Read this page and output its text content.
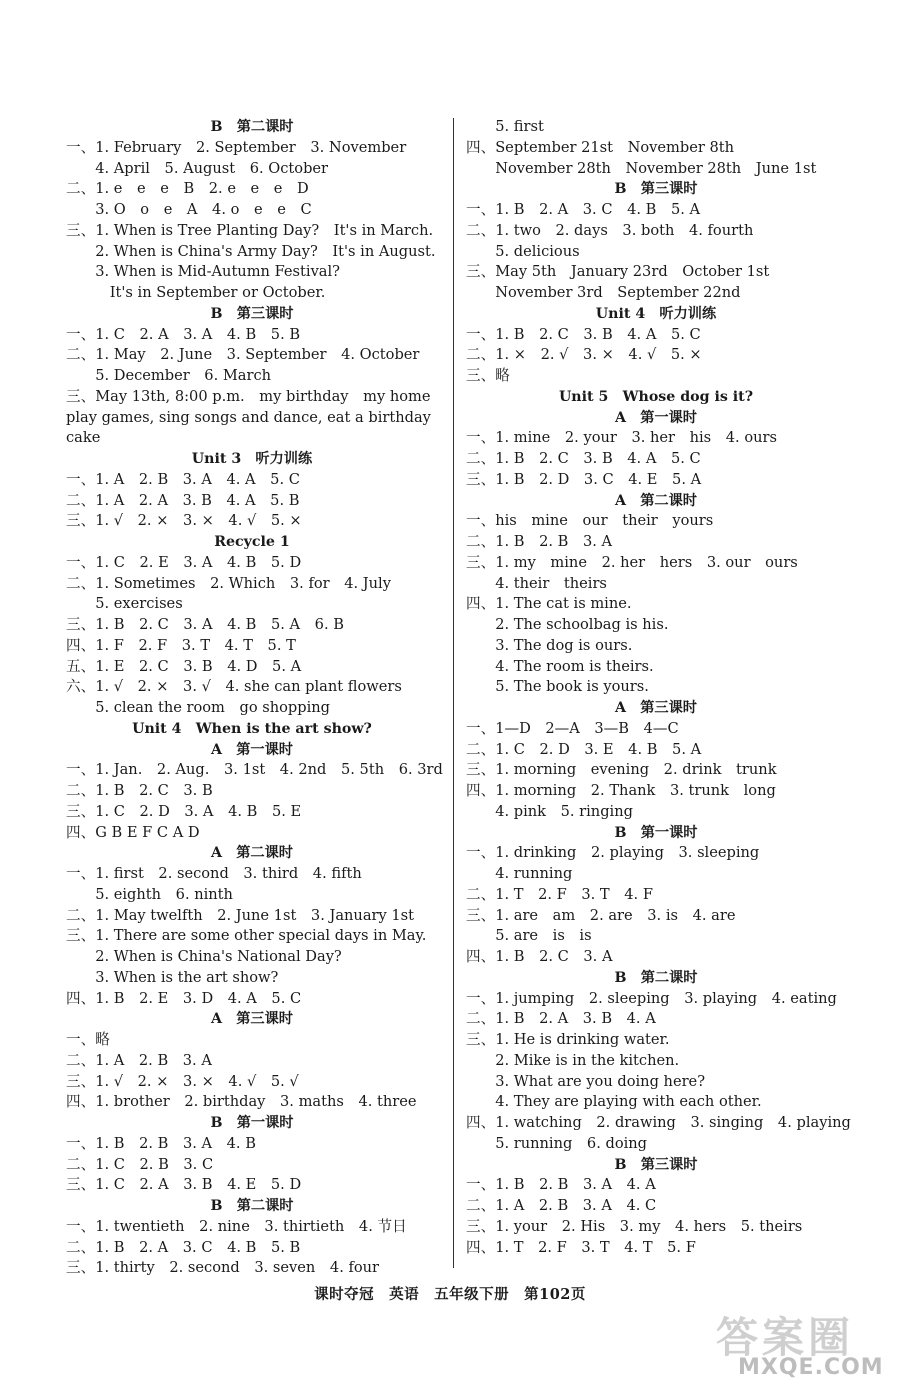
B　第二课时
一、1. February　2. September　3. November
　　4. April　5. August　6. October
二、1. e　e　e　B　2. e　e　e　D
　　3. O　o　e　A　4. o　e　e　C
三、1. When is Tree Planting Day?　It's in March.
　　2. When is China's Army Day?　It's in August.
　　3. When is Mid-Autumn Festival?
　　　It's in September or October.
B　第三课时
一、1. C　2. A　3. A　4. B　5. B
二、1. May　2. June　3. September　4. October
　　5. December　6. March
三、May 13th, 8:00 p.m.　my birthday　my home
play games, sing songs and dance, eat a birthday
cake
Unit 3　听力训练
一、1. A　2. B　3. A　4. A　5. C
二、1. A　2. A　3. B　4. A　5. B
三、1. √　2. ×　3. ×　4. √　5. ×
Recycle 1
一、1. C　2. E　3. A　4. B　5. D
二、1. Sometimes　2. Which　3. for　4. July
　　5. exercises
三、1. B　2. C　3. A　4. B　5. A　6. B
四、1. F　2. F　3. T　4. T　5. T
五、1. E　2. C　3. B　4. D　5. A
六、1. √　2. ×　3. √　4. she can plant flowers
　　5. clean the room　go shopping
Unit 4　When is the art show?
A　第一课时
一、1. Jan.　2. Aug.　3. 1st　4. 2nd　5. 5th　6. 3rd
二、1. B　2. C　3. B
三、1. C　2. D　3. A　4. B　5. E
四、G B E F C A D
A　第二课时
一、1. first　2. second　3. third　4. fifth
　　5. eighth　6. ninth
二、1. May twelfth　2. June 1st　3. January 1st
三、1. There are some other special days in May.
　　2. When is China's National Day?
　　3. When is the art show?
四、1. B　2. E　3. D　4. A　5. C
A　第三课时
一、略
二、1. A　2. B　3. A
三、1. √　2. ×　3. ×　4. √　5. √
四、1. brother　2. birthday　3. maths　4. three
B　第一课时
一、1. B　2. B　3. A　4. B
二、1. C　2. B　3. C
三、1. C　2. A　3. B　4. E　5. D
B　第二课时
一、1. twentieth　2. nine　3. thirtieth　4. 节日
二、1. B　2. A　3. C　4. B　5. B
三、1. thirty　2. second　3. seven　4. four
　　5. first
四、September 21st　November 8th
　　November 28th　November 28th　June 1st
B　第三课时
一、1. B　2. A　3. C　4. B　5. A
二、1. two　2. days　3. both　4. fourth
　　5. delicious
三、May 5th　January 23rd　October 1st
　　November 3rd　September 22nd
Unit 4　听力训练
一、1. B　2. C　3. B　4. A　5. C
二、1. ×　2. √　3. ×　4. √　5. ×
三、略
Unit 5　Whose dog is it?
A　第一课时
一、1. mine　2. your　3. her　his　4. ours
二、1. B　2. C　3. B　4. A　5. C
三、1. B　2. D　3. C　4. E　5. A
A　第二课时
一、his　mine　our　their　yours
二、1. B　2. B　3. A
三、1. my　mine　2. her　hers　3. our　ours
　　4. their　theirs
四、1. The cat is mine.
　　2. The schoolbag is his.
　　3. The dog is ours.
　　4. The room is theirs.
　　5. The book is yours.
A　第三课时
一、1—D　2—A　3—B　4—C
二、1. C　2. D　3. E　4. B　5. A
三、1. morning　evening　2. drink　trunk
四、1. morning　2. Thank　3. trunk　long
　　4. pink　5. ringing
B　第一课时
一、1. drinking　2. playing　3. sleeping
　　4. running
二、1. T　2. F　3. T　4. F
三、1. are　am　2. are　3. is　4. are
　　5. are　is　is
四、1. B　2. C　3. A
B　第二课时
一、1. jumping　2. sleeping　3. playing　4. eating
二、1. B　2. A　3. B　4. A
三、1. He is drinking water.
　　2. Mike is in the kitchen.
　　3. What are you doing here?
　　4. They are playing with each other.
四、1. watching　2. drawing　3. singing　4. playing
　　5. running　6. doing
B　第三课时
一、1. B　2. B　3. A　4. A
二、1. A　2. B　3. A　4. C
三、1. your　2. His　3. my　4. hers　5. theirs
四、1. T　2. F　3. T　4. T　5. F
课时夺冠　英语　五年级下册　第102页
答案圈
MXQE.COM
